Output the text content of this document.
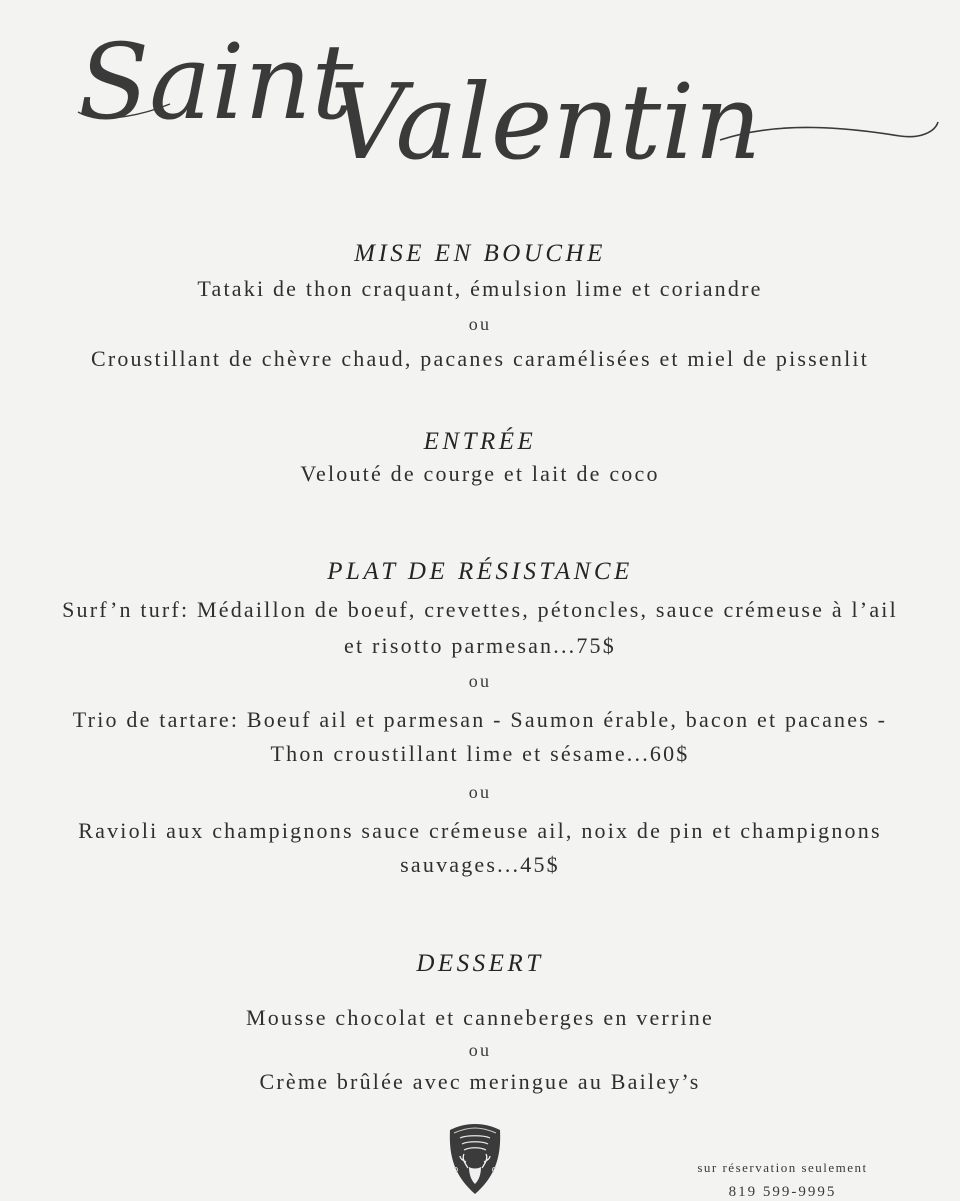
Saint
Valentin
MISE EN BOUCHE
Tataki de thon craquant, émulsion lime et coriandre
ou
Croustillant de chèvre chaud, pacanes caramélisées et miel de pissenlit
ENTRÉE
Velouté de courge et lait de coco
PLAT DE RÉSISTANCE
Surf’n turf: Médaillon de boeuf, crevettes, pétoncles, sauce crémeuse à l’ail
et risotto parmesan...75$
ou
Trio de tartare: Boeuf ail et parmesan - Saumon érable, bacon et pacanes -
Thon croustillant lime et sésame...60$
ou
Ravioli aux champignons sauce crémeuse ail, noix de pin et champignons
sauvages...45$
DESSERT
Mousse chocolat et canneberges en verrine
ou
Crème brûlée avec meringue au Bailey’s
sur réservation seulement
819 599-9995
